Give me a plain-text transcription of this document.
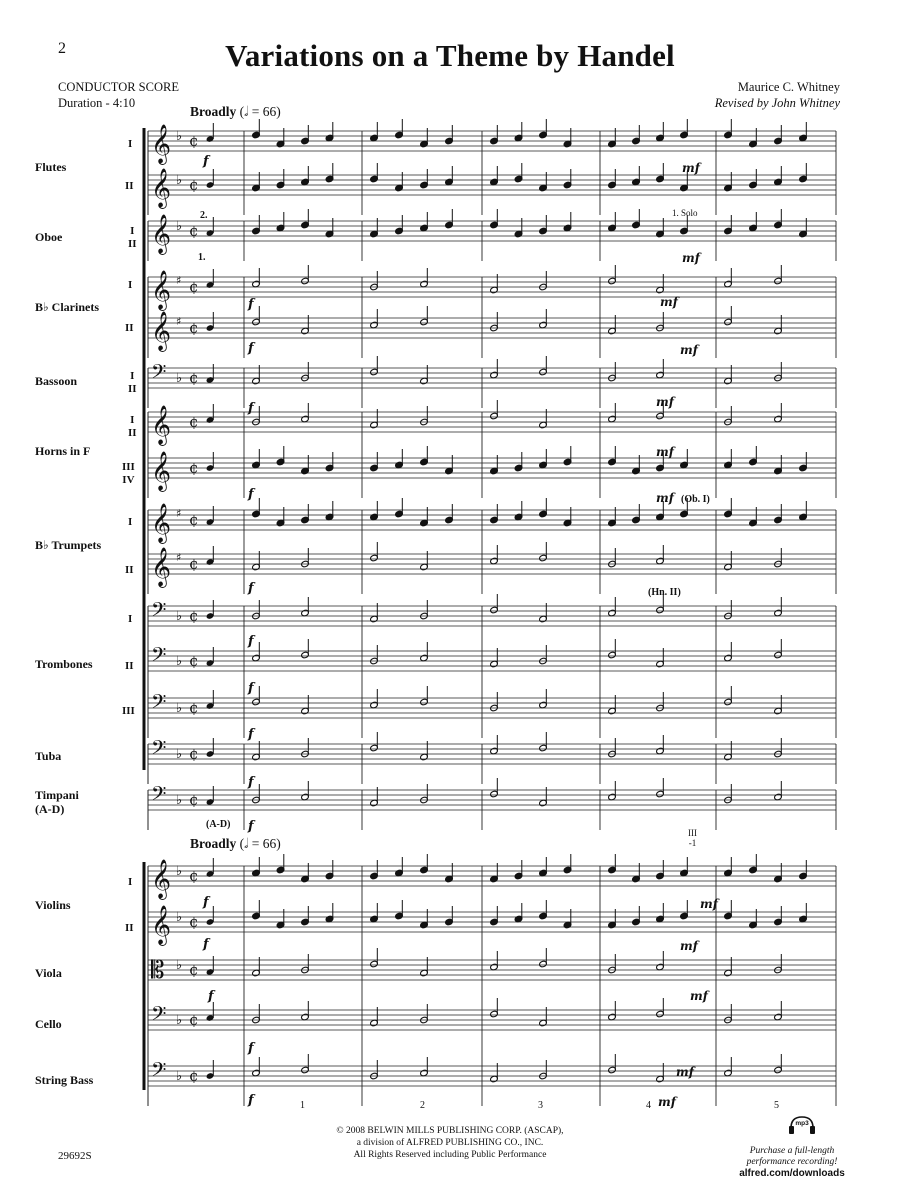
2	Variations on a Theme by Handel
CONDUCTOR SCORE
Duration - 4:10
Maurice C. Whitney
Revised by John Whitney
Broadly (𝅗𝅥 = 66)
Broadly (𝅗𝅥 = 66)
Flutes
I
II
Oboe	I
II
B♭ Clarinets
I
II
Bassoon	I
II
Horns in F
I
II
III
IV
B♭ Trumpets
I
II
Trombones
I
II
III
Tuba
Timpani
(A-D)
Violins
I
II
Viola
Cello
String Bass
1. Solo
1.
2.
(Ob. I)
(Hn. II)
(A-D)
III
-1
1	2	3	4	5
𝄞 ♭ ¢
𝄞 ♭ ¢
𝄞 ♭ ¢
𝄞 ♯ ¢
𝄞 ♯ ¢
𝄢 ♭ ¢
𝄞 ¢
𝄞 ¢
𝄞 ♯ ¢
𝄞 ♯ ¢
𝄢 ♭ ¢
𝄢 ♭ ¢
𝄢 ♭ ¢
𝄢 ♭ ¢
𝄢 ♭ ¢
𝄞 ♭ ¢
𝄞 ♭ ¢
𝄡 ♭ ¢
𝄢 ♭ ¢
𝄢 ♭ ¢
f
f
f
f
f
f
f
f
f
f
f
f
f
f
f
f
mf
mf
mf
mf
mf
mf
mf
mf
mf
mf
mf
mf
© 2008 BELWIN MILLS PUBLISHING CORP. (ASCAP),
a division of ALFRED PUBLISHING CO., INC.
All Rights Reserved including Public Performance
29692S
mp3
Purchase a full-length
performance recording!
alfred.com/downloads
